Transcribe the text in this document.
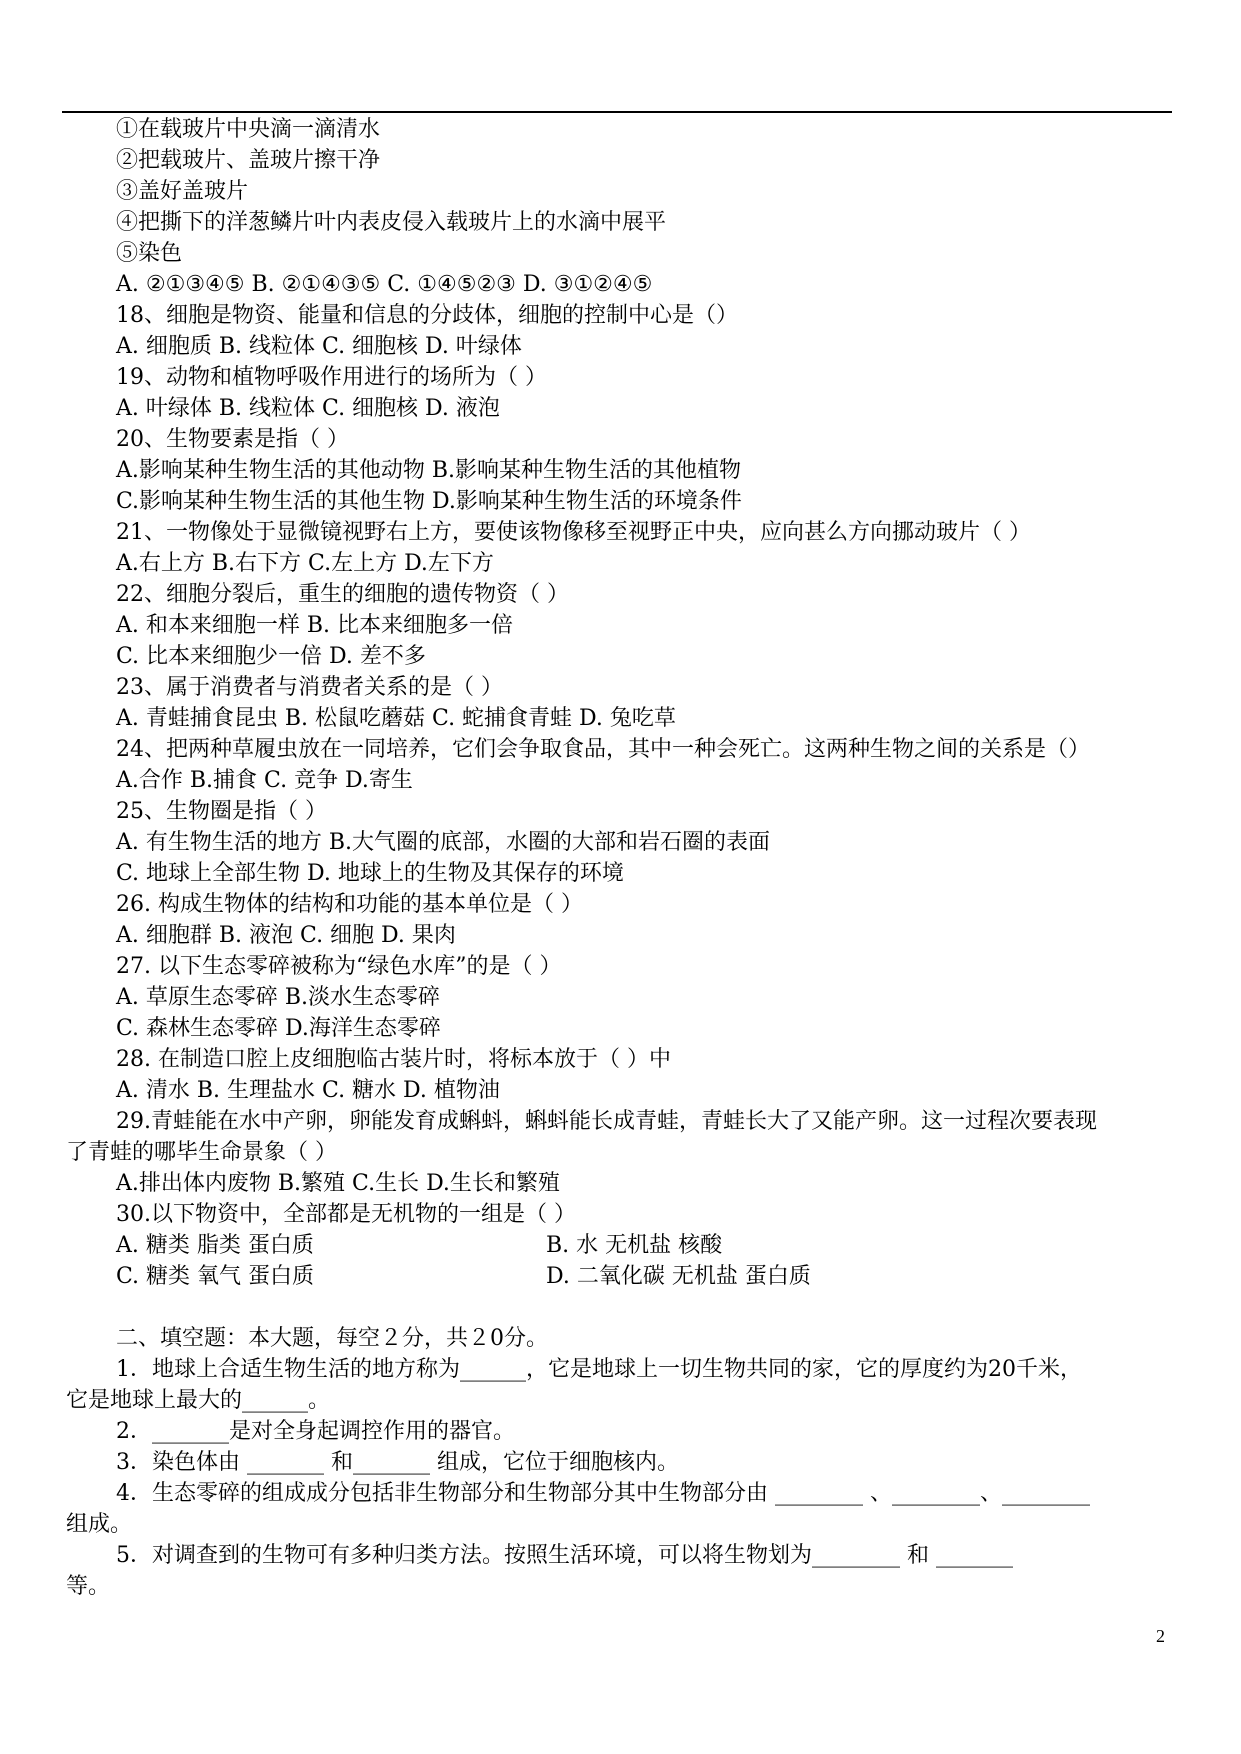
①在载玻片中央滴一滴清水
②把载玻片、盖玻片擦干净
③盖好盖玻片
④把撕下的洋葱鳞片叶内表皮侵入载玻片上的水滴中展平
⑤染色
A. ②①③④⑤ B. ②①④③⑤ C. ①④⑤②③ D. ③①②④⑤
18、细胞是物资、能量和信息的分歧体，细胞的控制中心是（）
A. 细胞质 B. 线粒体 C. 细胞核 D. 叶绿体
19、动物和植物呼吸作用进行的场所为（ ）
A. 叶绿体 B. 线粒体 C. 细胞核 D. 液泡
20、生物要素是指（ ）
A.影响某种生物生活的其他动物 B.影响某种生物生活的其他植物
C.影响某种生物生活的其他生物 D.影响某种生物生活的环境条件
21、一物像处于显微镜视野右上方，要使该物像移至视野正中央，应向甚么方向挪动玻片（ ）
A.右上方 B.右下方 C.左上方 D.左下方
22、细胞分裂后，重生的细胞的遗传物资（ ）
A. 和本来细胞一样 B. 比本来细胞多一倍
C. 比本来细胞少一倍 D. 差不多
23、属于消费者与消费者关系的是（ ）
A. 青蛙捕食昆虫 B. 松鼠吃蘑菇 C. 蛇捕食青蛙 D. 兔吃草
24、把两种草履虫放在一同培养，它们会争取食品，其中一种会死亡。这两种生物之间的关系是（）
A.合作 B.捕食 C. 竞争 D.寄生
25、生物圈是指（ ）
A. 有生物生活的地方 B.大气圈的底部，水圈的大部和岩石圈的表面
C. 地球上全部生物 D. 地球上的生物及其保存的环境
26. 构成生物体的结构和功能的基本单位是（ ）
A. 细胞群 B. 液泡 C. 细胞 D. 果肉
27. 以下生态零碎被称为“绿色水库”的是（ ）
A. 草原生态零碎 B.淡水生态零碎
C. 森林生态零碎 D.海洋生态零碎
28. 在制造口腔上皮细胞临古装片时，将标本放于（ ）中
A. 清水 B. 生理盐水 C. 糖水 D. 植物油
29.青蛙能在水中产卵，卵能发育成蝌蚪，蝌蚪能长成青蛙，青蛙长大了又能产卵。这一过程次要表现
了青蛙的哪毕生命景象（ ）
A.排出体内废物 B.繁殖 C.生长 D.生长和繁殖
30.以下物资中，全部都是无机物的一组是（ ）
A. 糖类 脂类 蛋白质	B. 水 无机盐 核酸
C. 糖类 氧气 蛋白质	D. 二氧化碳 无机盐 蛋白质
二、填空题：本大题，每空２分，共２0分。
1．地球上合适生物生活的地方称为______，它是地球上一切生物共同的家，它的厚度约为20千米，
它是地球上最大的______。
2．_______是对全身起调控作用的器官。
3．染色体由 _______ 和_______ 组成，它位于细胞核内。
4．生态零碎的组成成分包括非生物部分和生物部分其中生物部分由 ________ 、________、________
组成。
5．对调查到的生物可有多种归类方法。按照生活环境，可以将生物划为________ 和 _______
等。
2
